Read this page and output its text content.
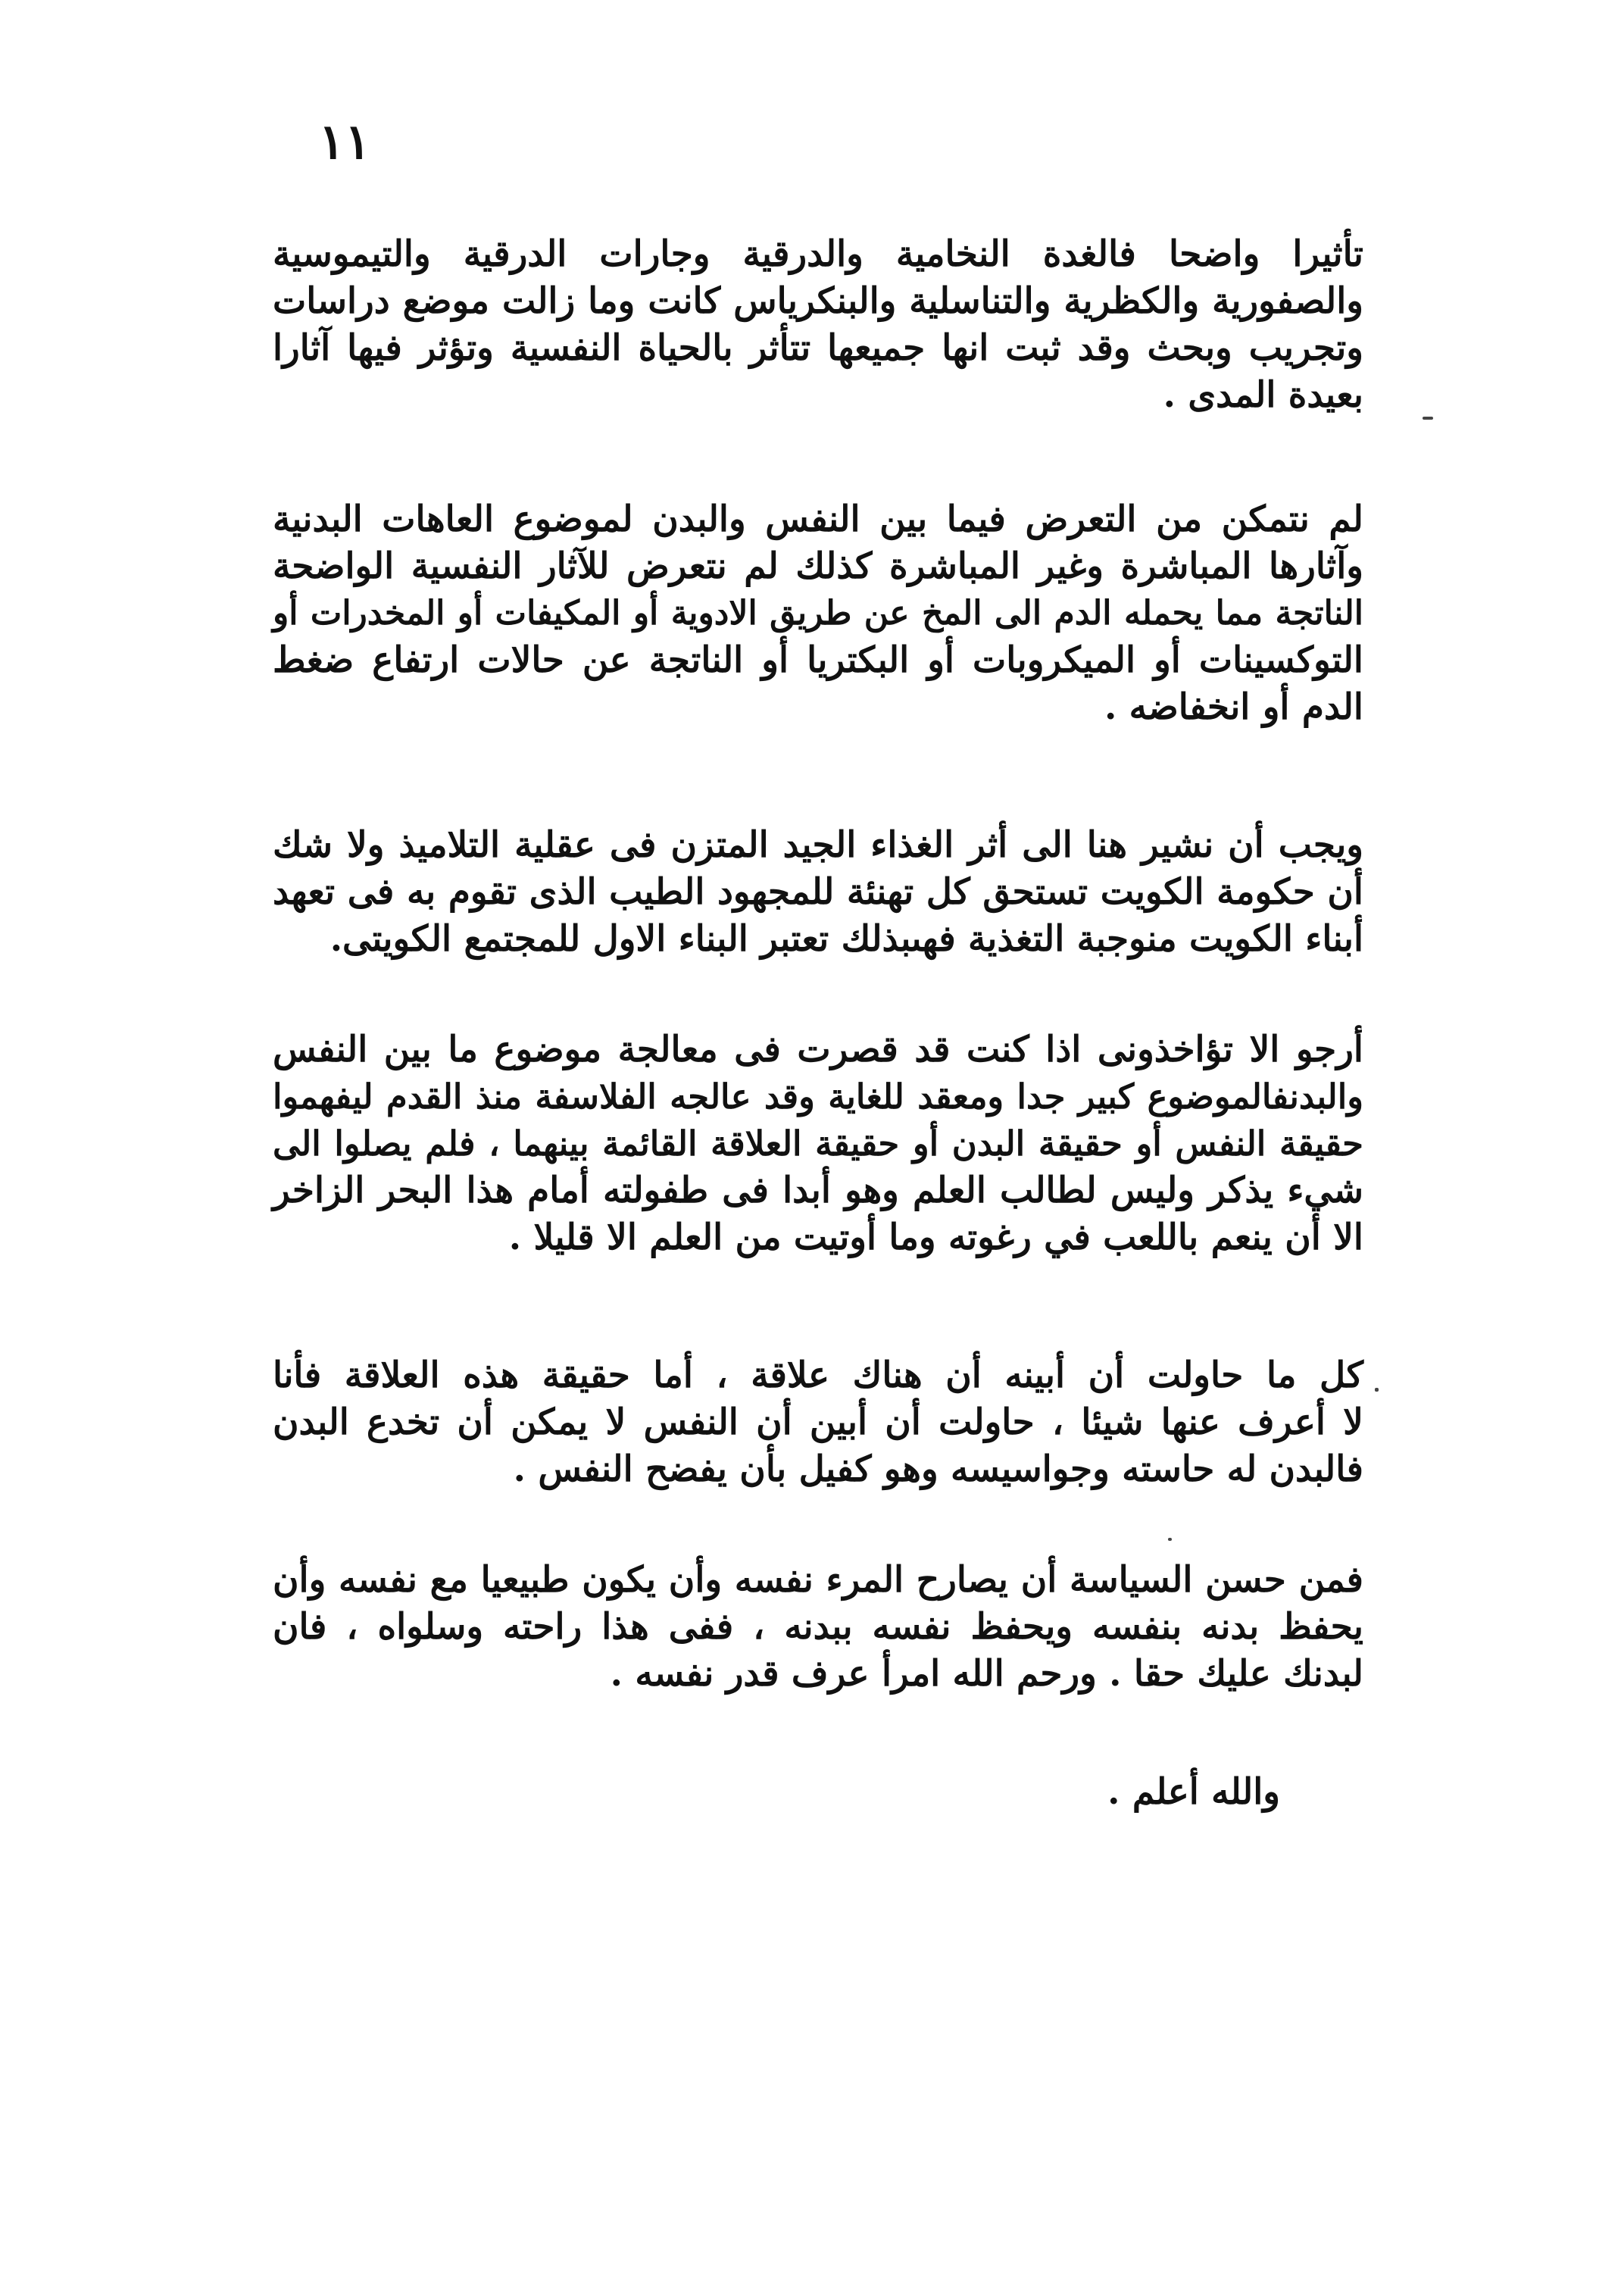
١١
تأثيرا واضحا فالغدة النخامية والدرقية وجارات الدرقية والتيموسية
والصفورية والكظرية والتناسلية والبنكرياس كانت وما زالت موضع دراسات
وتجريب وبحث وقد ثبت انها جميعها تتأثر بالحياة النفسية وتؤثر فيها آثارا
بعيدة المدى .
لم نتمكن من التعرض فيما بين النفس والبدن لموضوع العاهات البدنية
وآثارها المباشرة وغير المباشرة كذلك لم نتعرض للآثار النفسية الواضحة
الناتجة مما يحمله الدم الى المخ عن طريق الادوية أو المكيفات أو المخدرات أو
التوكسينات أو الميكروبات أو البكتريا أو الناتجة عن حالات ارتفاع ضغط
الدم أو انخفاضه .
ويجب أن نشير هنا الى أثر الغذاء الجيد المتزن فى عقلية التلاميذ ولا شك
أن حكومة الكويت تستحق كل تهنئة للمجهود الطيب الذى تقوم به فى تعهد
أبناء الكويت منوجبة التغذية فهىبذلك تعتبر البناء الاول للمجتمع الكويتى.
أرجو الا تؤاخذونى اذا كنت قد قصرت فى معالجة موضوع ما بين النفس
والبدنفالموضوع كبير جدا ومعقد للغاية وقد عالجه الفلاسفة منذ القدم ليفهموا
حقيقة النفس أو حقيقة البدن أو حقيقة العلاقة القائمة بينهما ، فلم يصلوا الى
شيء يذكر وليس لطالب العلم وهو أبدا فى طفولته أمام هذا البحر الزاخر
الا أن ينعم باللعب في رغوته وما أوتيت من العلم الا قليلا .
كل ما حاولت أن أبينه أن هناك علاقة ، أما حقيقة هذه العلاقة فأنا
لا أعرف عنها شيئا ، حاولت أن أبين أن النفس لا يمكن أن تخدع البدن
فالبدن له حاسته وجواسيسه وهو كفيل بأن يفضح النفس .
فمن حسن السياسة أن يصارح المرء نفسه وأن يكون طبيعيا مع نفسه وأن
يحفظ بدنه بنفسه ويحفظ نفسه ببدنه ، ففى هذا راحته وسلواه ، فان
لبدنك عليك حقا . ورحم الله امرأ عرف قدر نفسه .
والله أعلم .
